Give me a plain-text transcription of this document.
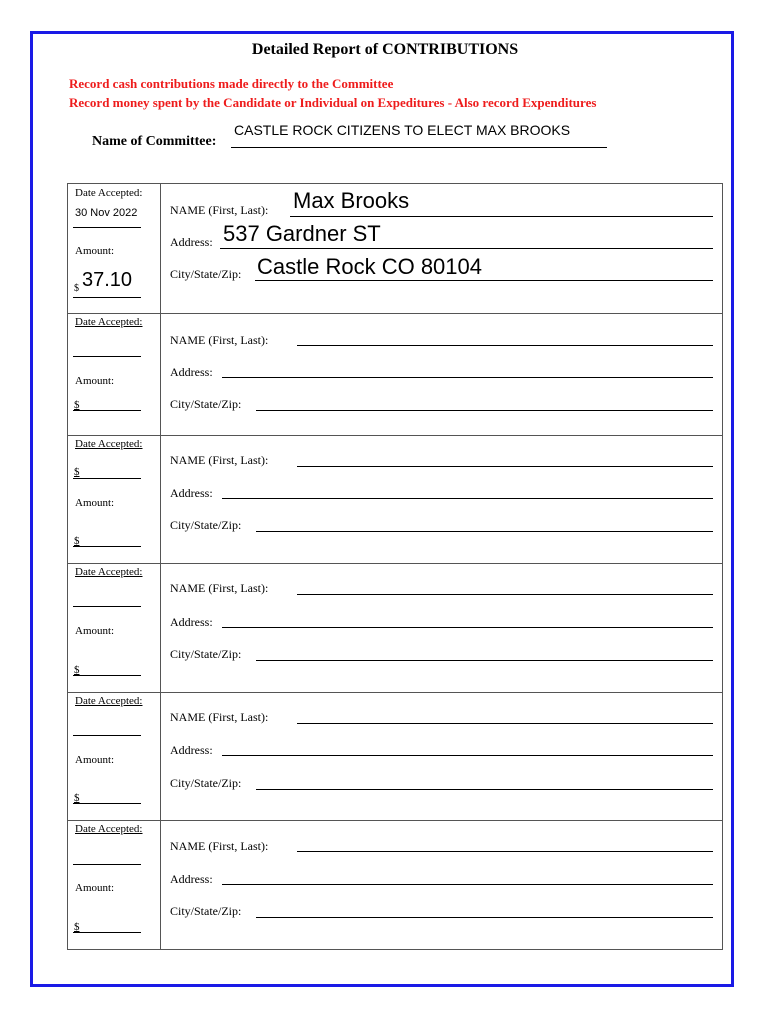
Detailed Report of CONTRIBUTIONS
Record cash contributions made directly to the Committee
Record money spent by the Candidate or Individual on Expeditures - Also record Expenditures
Name of Committee:
CASTLE ROCK CITIZENS TO ELECT MAX BROOKS
Date Accepted:
30 Nov 2022
Amount:
$ 37.10
NAME (First, Last): Max Brooks
Address: 537 Gardner ST
City/State/Zip: Castle Rock CO 80104
Date Accepted:
Amount:
$
NAME (First, Last):
Address:
City/State/Zip:
Date Accepted:
$
Amount:
$
NAME (First, Last):
Address:
City/State/Zip:
Date Accepted:
Amount:
$
NAME (First, Last):
Address:
City/State/Zip:
Date Accepted:
Amount:
$
NAME (First, Last):
Address:
City/State/Zip:
Date Accepted:
Amount:
$
NAME (First, Last):
Address:
City/State/Zip:
